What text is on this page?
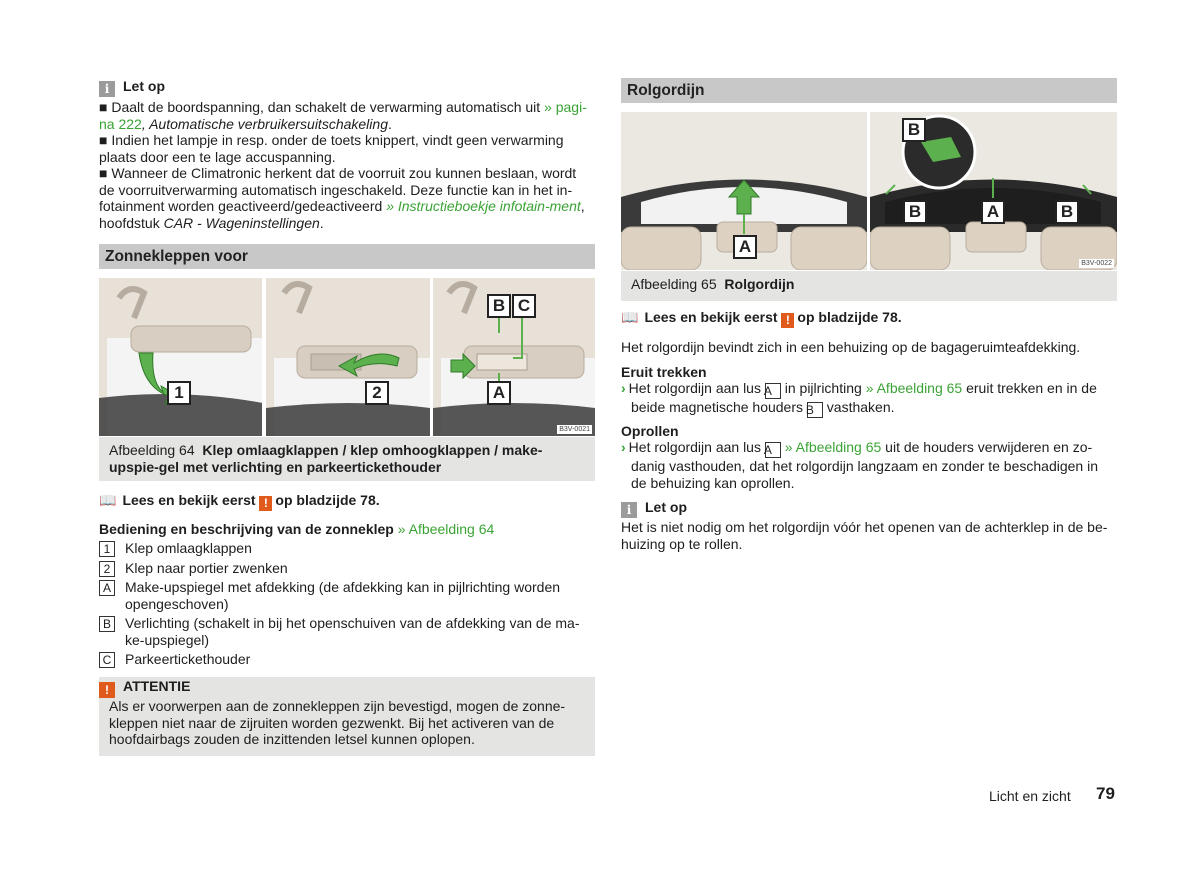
i Let op

■ Daalt de boordspanning, dan schakelt de verwarming automatisch uit » pagi-na 222, Automatische verbruikersuitschakeling.

■ Indien het lampje in resp. onder de toets knippert, vindt geen verwarming plaats door een te lage accuspanning.

■ Wanneer de Climatronic herkent dat de voorruit zou kunnen beslaan, wordt de voorruitverwarming automatisch ingeschakeld. Deze functie kan in het in-fotainment worden geactiveerd/gedeactiveerd » Instructieboekje infotain-ment, hoofdstuk CAR - Wageninstellingen.

Zonnekleppen voor
1	2
B C
A
B3V-0021
Afbeelding 64 Klep omlaagklappen / klep omhoogklappen / make-upspie-gel met verlichting en parkeertickethouder

📖 Lees en bekijk eerst ! op bladzijde 78.

Bediening en beschrijving van de zonneklep » Afbeelding 64

1	Klep omlaagklappen
2	Klep naar portier zwenken
A Make-upspiegel met afdekking (de afdekking kan in pijlrichting worden opengeschoven)
B Verlichting (schakelt in bij het openschuiven van de afdekking van de ma-ke-upspiegel)
C Parkeertickethouder
! ATTENTIE
Als er voorwerpen aan de zonnekleppen zijn bevestigd, mogen de zonne-kleppen niet naar de zijruiten worden gezwenkt. Bij het activeren van de hoofdairbags zouden de inzittenden letsel kunnen oplopen.
Rolgordijn
A
B
B	A	B
B3V-0022
Afbeelding 65 Rolgordijn

📖 Lees en bekijk eerst ! op bladzijde 78.

Het rolgordijn bevindt zich in een behuizing op de bagageruimteafdekking.

Eruit trekken

› Het rolgordijn aan lus A in pijlrichting » Afbeelding 65 eruit trekken en in de beide magnetische houders B vasthaken.

Oprollen

› Het rolgordijn aan lus A » Afbeelding 65 uit de houders verwijderen en zo-danig vasthouden, dat het rolgordijn langzaam en zonder te beschadigen in de behuizing kan oprollen.

i Let op

Het is niet nodig om het rolgordijn vóór het openen van de achterklep in de be-huizing op te rollen.

Licht en zicht 79
